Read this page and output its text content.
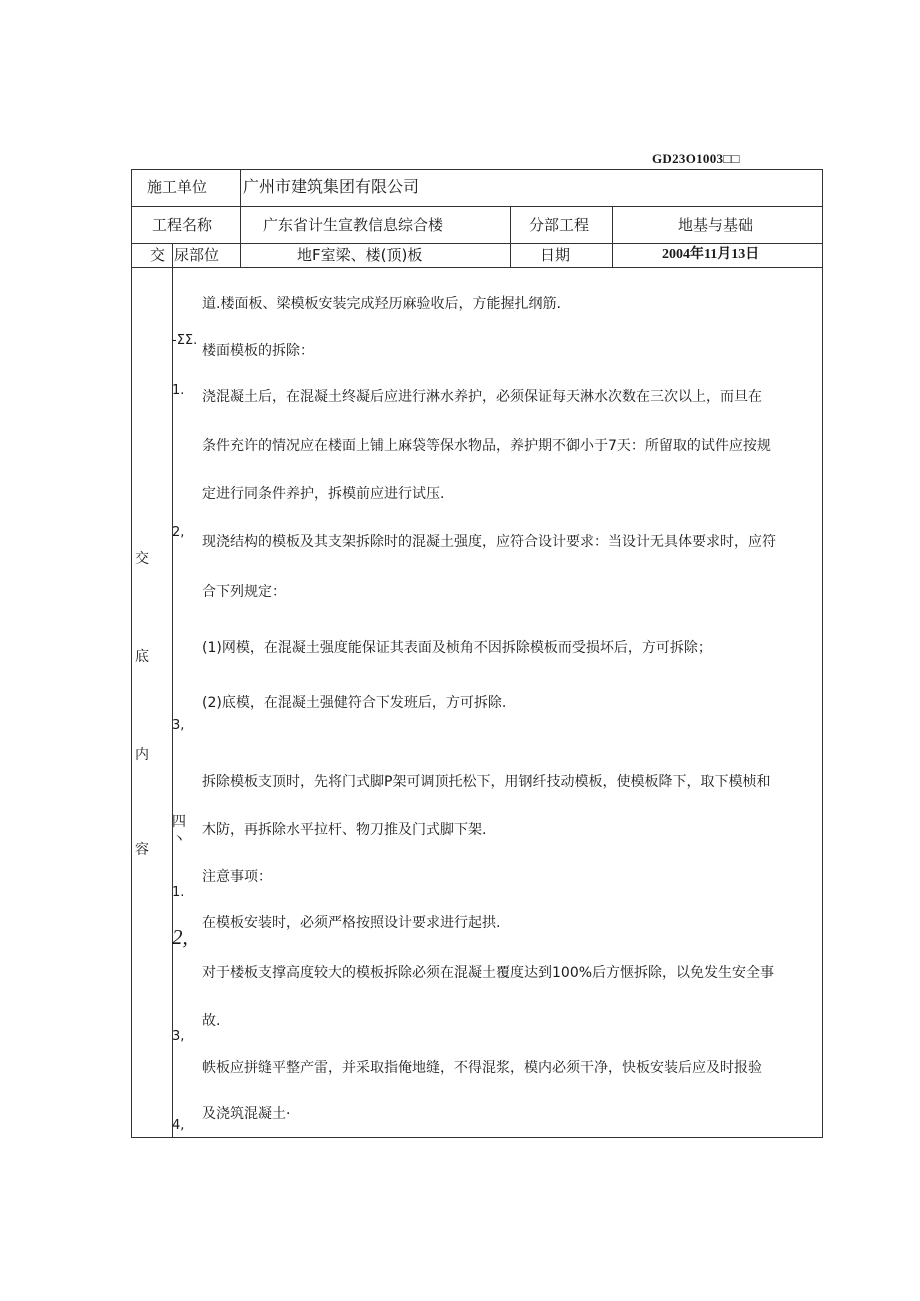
GD23O1003□□
施工单位 广州市建筑集团有限公司
工程名称	广东省计生宣教信息综合楼	分部工程	地基与基础
交 尿部位	地F室梁、楼(顶)板	日期	2004年11月13日
交
底
内
容
-ΣΣ.
1.
2,
3,
四
丶
1.
2,
3,
4,
道.楼面板、梁模板安装完成羟历麻验收后，方能握扎纲筋.
楼面模板的拆除：
浇混凝土后，在混凝土终凝后应进行淋水养护，必须保证每天淋水次数在三次以上，而旦在
条件充许的情况应在楼面上铺上麻袋等保水物品，养护期不御小于7天：所留取的试件应按规
定进行同条件养护，拆模前应进行试压.
现浇结构的模板及其支架拆除时的混凝土强度，应符合设计要求：当设计无具体要求时，应符
合下列规定：
(1)网模，在混凝土强度能保证其表面及桢角不因拆除模板而受损坏后，方可拆除；
(2)底模，在混凝土强健符合下发班后，方可拆除.
拆除模板支顶时，先将门式脚P架可调顶托松下，用钢纤技动模板，使模板降下，取下模桢和
木防，再拆除水平拉杆、物刀推及门式脚下架.
注意事项：
在模板安装时，必须严格按照设计要求进行起拱.
对于楼板支撑高度较大的模板拆除必须在混凝土覆度达到100%后方惬拆除，以免发生安全事
故.
帙板应拼缝平整产雷，并采取指俺地缝，不得混浆，模内必须干净，快板安装后应及时报验
及浇筑混凝土·
